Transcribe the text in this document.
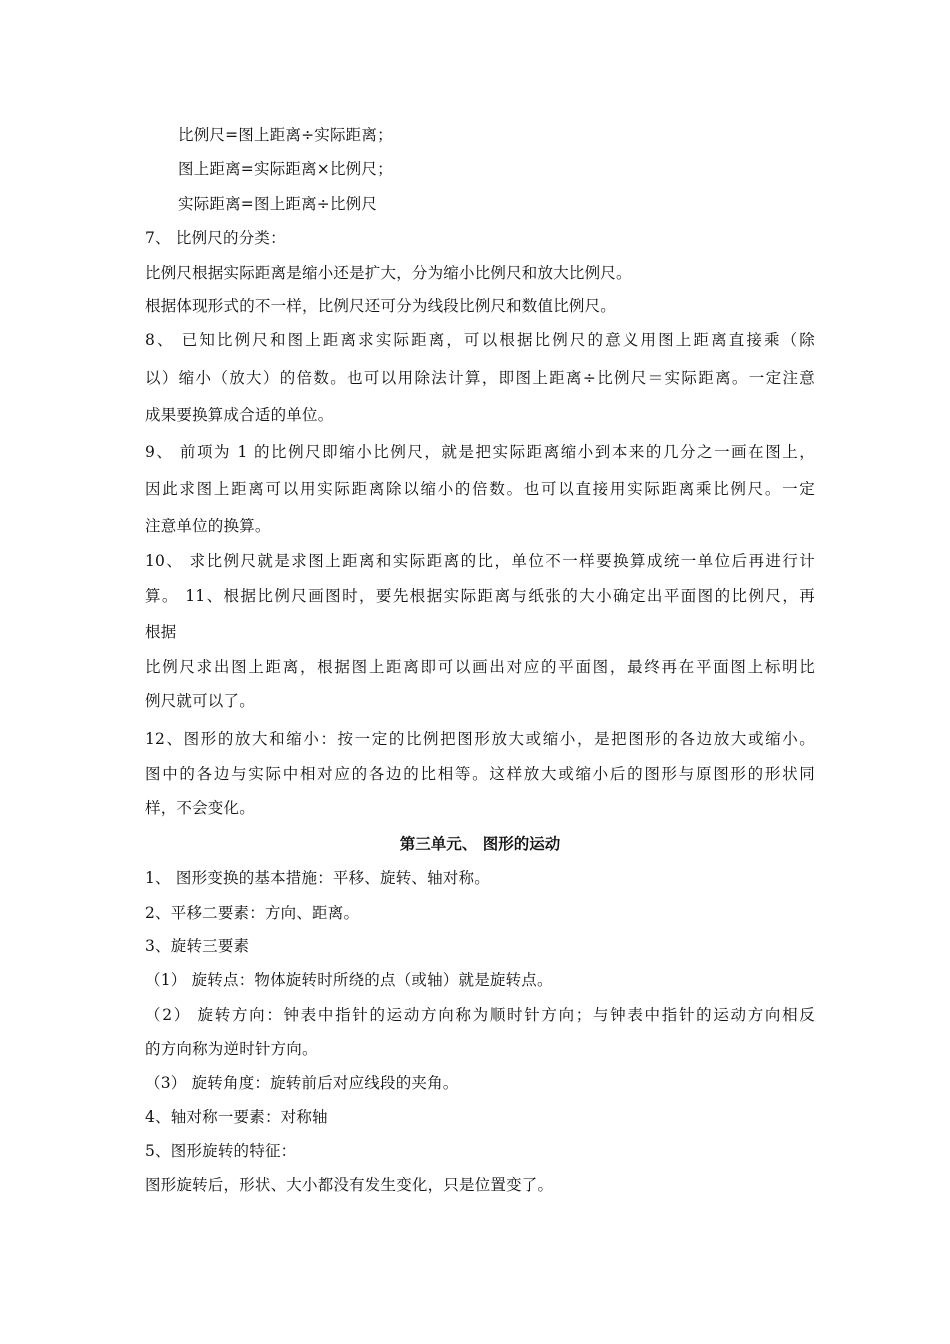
比例尺=图上距离÷实际距离；
图上距离=实际距离×比例尺；
实际距离=图上距离÷比例尺
7、 比例尺的分类：
比例尺根据实际距离是缩小还是扩大，分为缩小比例尺和放大比例尺。
根据体现形式的不一样，比例尺还可分为线段比例尺和数值比例尺。
8、 已知比例尺和图上距离求实际距离，可以根据比例尺的意义用图上距离直接乘（除
以）缩小（放大）的倍数。也可以用除法计算，即图上距离÷比例尺＝实际距离。一定注意
成果要换算成合适的单位。
9、 前项为 1 的比例尺即缩小比例尺，就是把实际距离缩小到本来的几分之一画在图上，
因此求图上距离可以用实际距离除以缩小的倍数。也可以直接用实际距离乘比例尺。一定
注意单位的换算。
10、 求比例尺就是求图上距离和实际距离的比，单位不一样要换算成统一单位后再进行计
算。 11、根据比例尺画图时，要先根据实际距离与纸张的大小确定出平面图的比例尺，再
根据
比例尺求出图上距离，根据图上距离即可以画出对应的平面图，最终再在平面图上标明比
例尺就可以了。
12、图形的放大和缩小：按一定的比例把图形放大或缩小，是把图形的各边放大或缩小。
图中的各边与实际中相对应的各边的比相等。这样放大或缩小后的图形与原图形的形状同
样，不会变化。
第三单元、 图形的运动
1、 图形变换的基本措施：平移、旋转、轴对称。
2、平移二要素：方向、距离。
3、旋转三要素
（1） 旋转点：物体旋转时所绕的点（或轴）就是旋转点。
（2） 旋转方向：钟表中指针的运动方向称为顺时针方向；与钟表中指针的运动方向相反
的方向称为逆时针方向。
（3） 旋转角度：旋转前后对应线段的夹角。
4、轴对称一要素：对称轴
5、图形旋转的特征：
图形旋转后，形状、大小都没有发生变化，只是位置变了。
